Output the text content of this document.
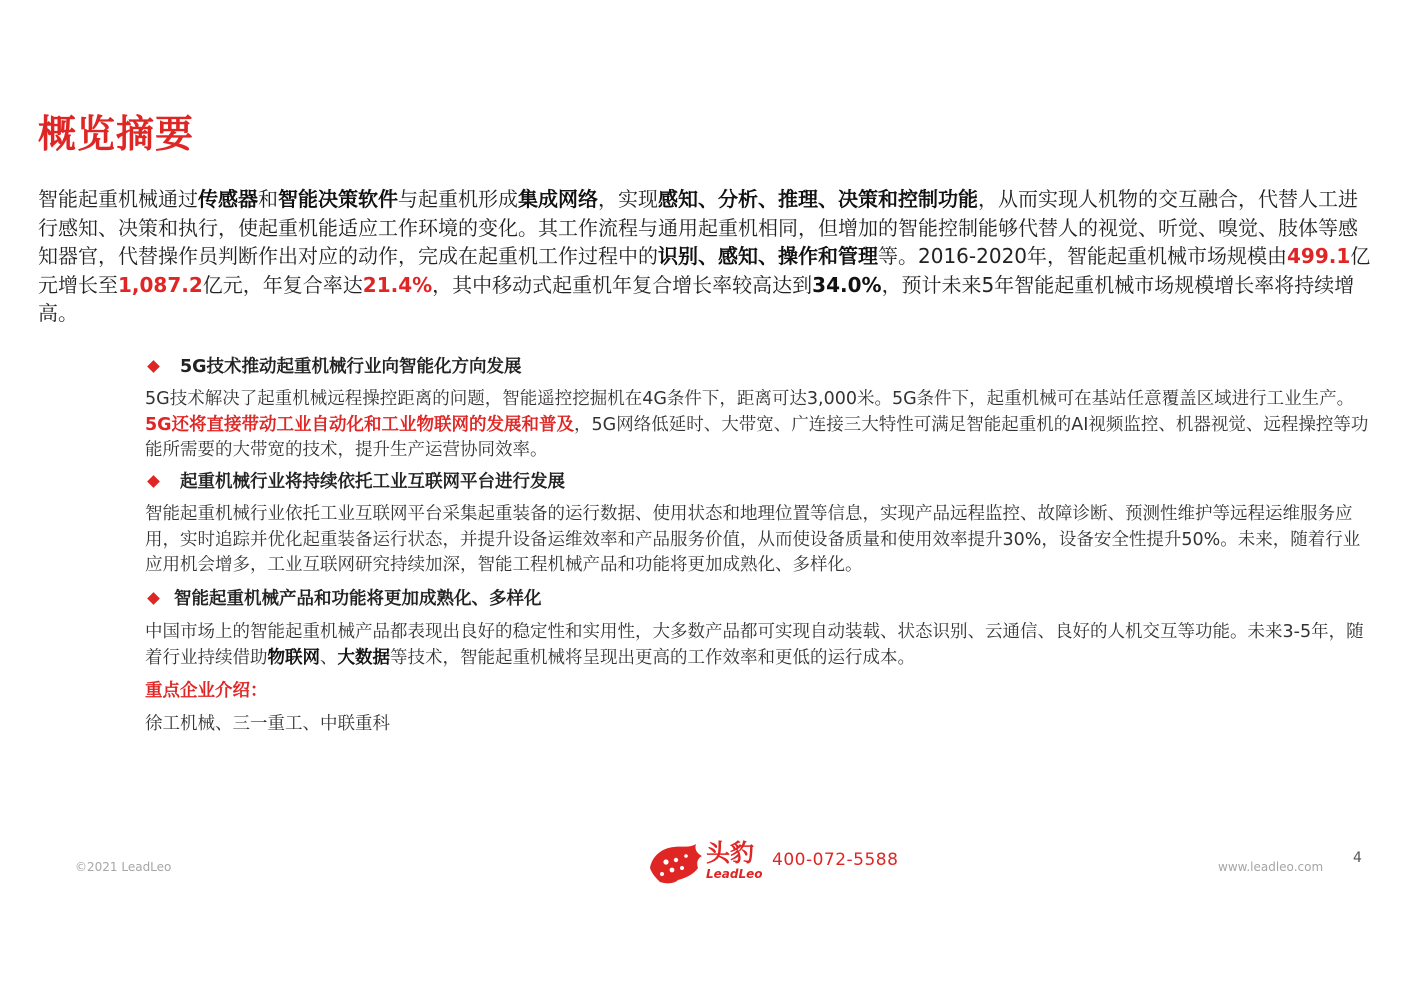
概览摘要
智能起重机械通过传感器和智能决策软件与起重机形成集成网络，实现感知、分析、推理、决策和控制功能，从而实现人机物的交互融合，代替人工进行感知、决策和执行，使起重机能适应工作环境的变化。其工作流程与通用起重机相同，但增加的智能控制能够代替人的视觉、听觉、嗅觉、肢体等感知器官，代替操作员判断作出对应的动作，完成在起重机工作过程中的识别、感知、操作和管理等。2016-2020年，智能起重机械市场规模由499.1亿元增长至1,087.2亿元，年复合率达21.4%，其中移动式起重机年复合增长率较高达到34.0%，预计未来5年智能起重机械市场规模增长率将持续增高。
5G技术推动起重机械行业向智能化方向发展
5G技术解决了起重机械远程操控距离的问题，智能遥控挖掘机在4G条件下，距离可达3,000米。5G条件下，起重机械可在基站任意覆盖区域进行工业生产。5G还将直接带动工业自动化和工业物联网的发展和普及，5G网络低延时、大带宽、广连接三大特性可满足智能起重机的AI视频监控、机器视觉、远程操控等功能所需要的大带宽的技术，提升生产运营协同效率。
起重机械行业将持续依托工业互联网平台进行发展
智能起重机械行业依托工业互联网平台采集起重装备的运行数据、使用状态和地理位置等信息，实现产品远程监控、故障诊断、预测性维护等远程运维服务应用，实时追踪并优化起重装备运行状态，并提升设备运维效率和产品服务价值，从而使设备质量和使用效率提升30%，设备安全性提升50%。未来，随着行业应用机会增多，工业互联网研究持续加深，智能工程机械产品和功能将更加成熟化、多样化。
智能起重机械产品和功能将更加成熟化、多样化
中国市场上的智能起重机械产品都表现出良好的稳定性和实用性，大多数产品都可实现自动装载、状态识别、云通信、良好的人机交互等功能。未来3-5年，随着行业持续借助物联网、大数据等技术，智能起重机械将呈现出更高的工作效率和更低的运行成本。
重点企业介绍：
徐工机械、三一重工、中联重科
©2021 LeadLeo	头豹
LeadLeo
400-072-5588	www.leadleo.com
4
